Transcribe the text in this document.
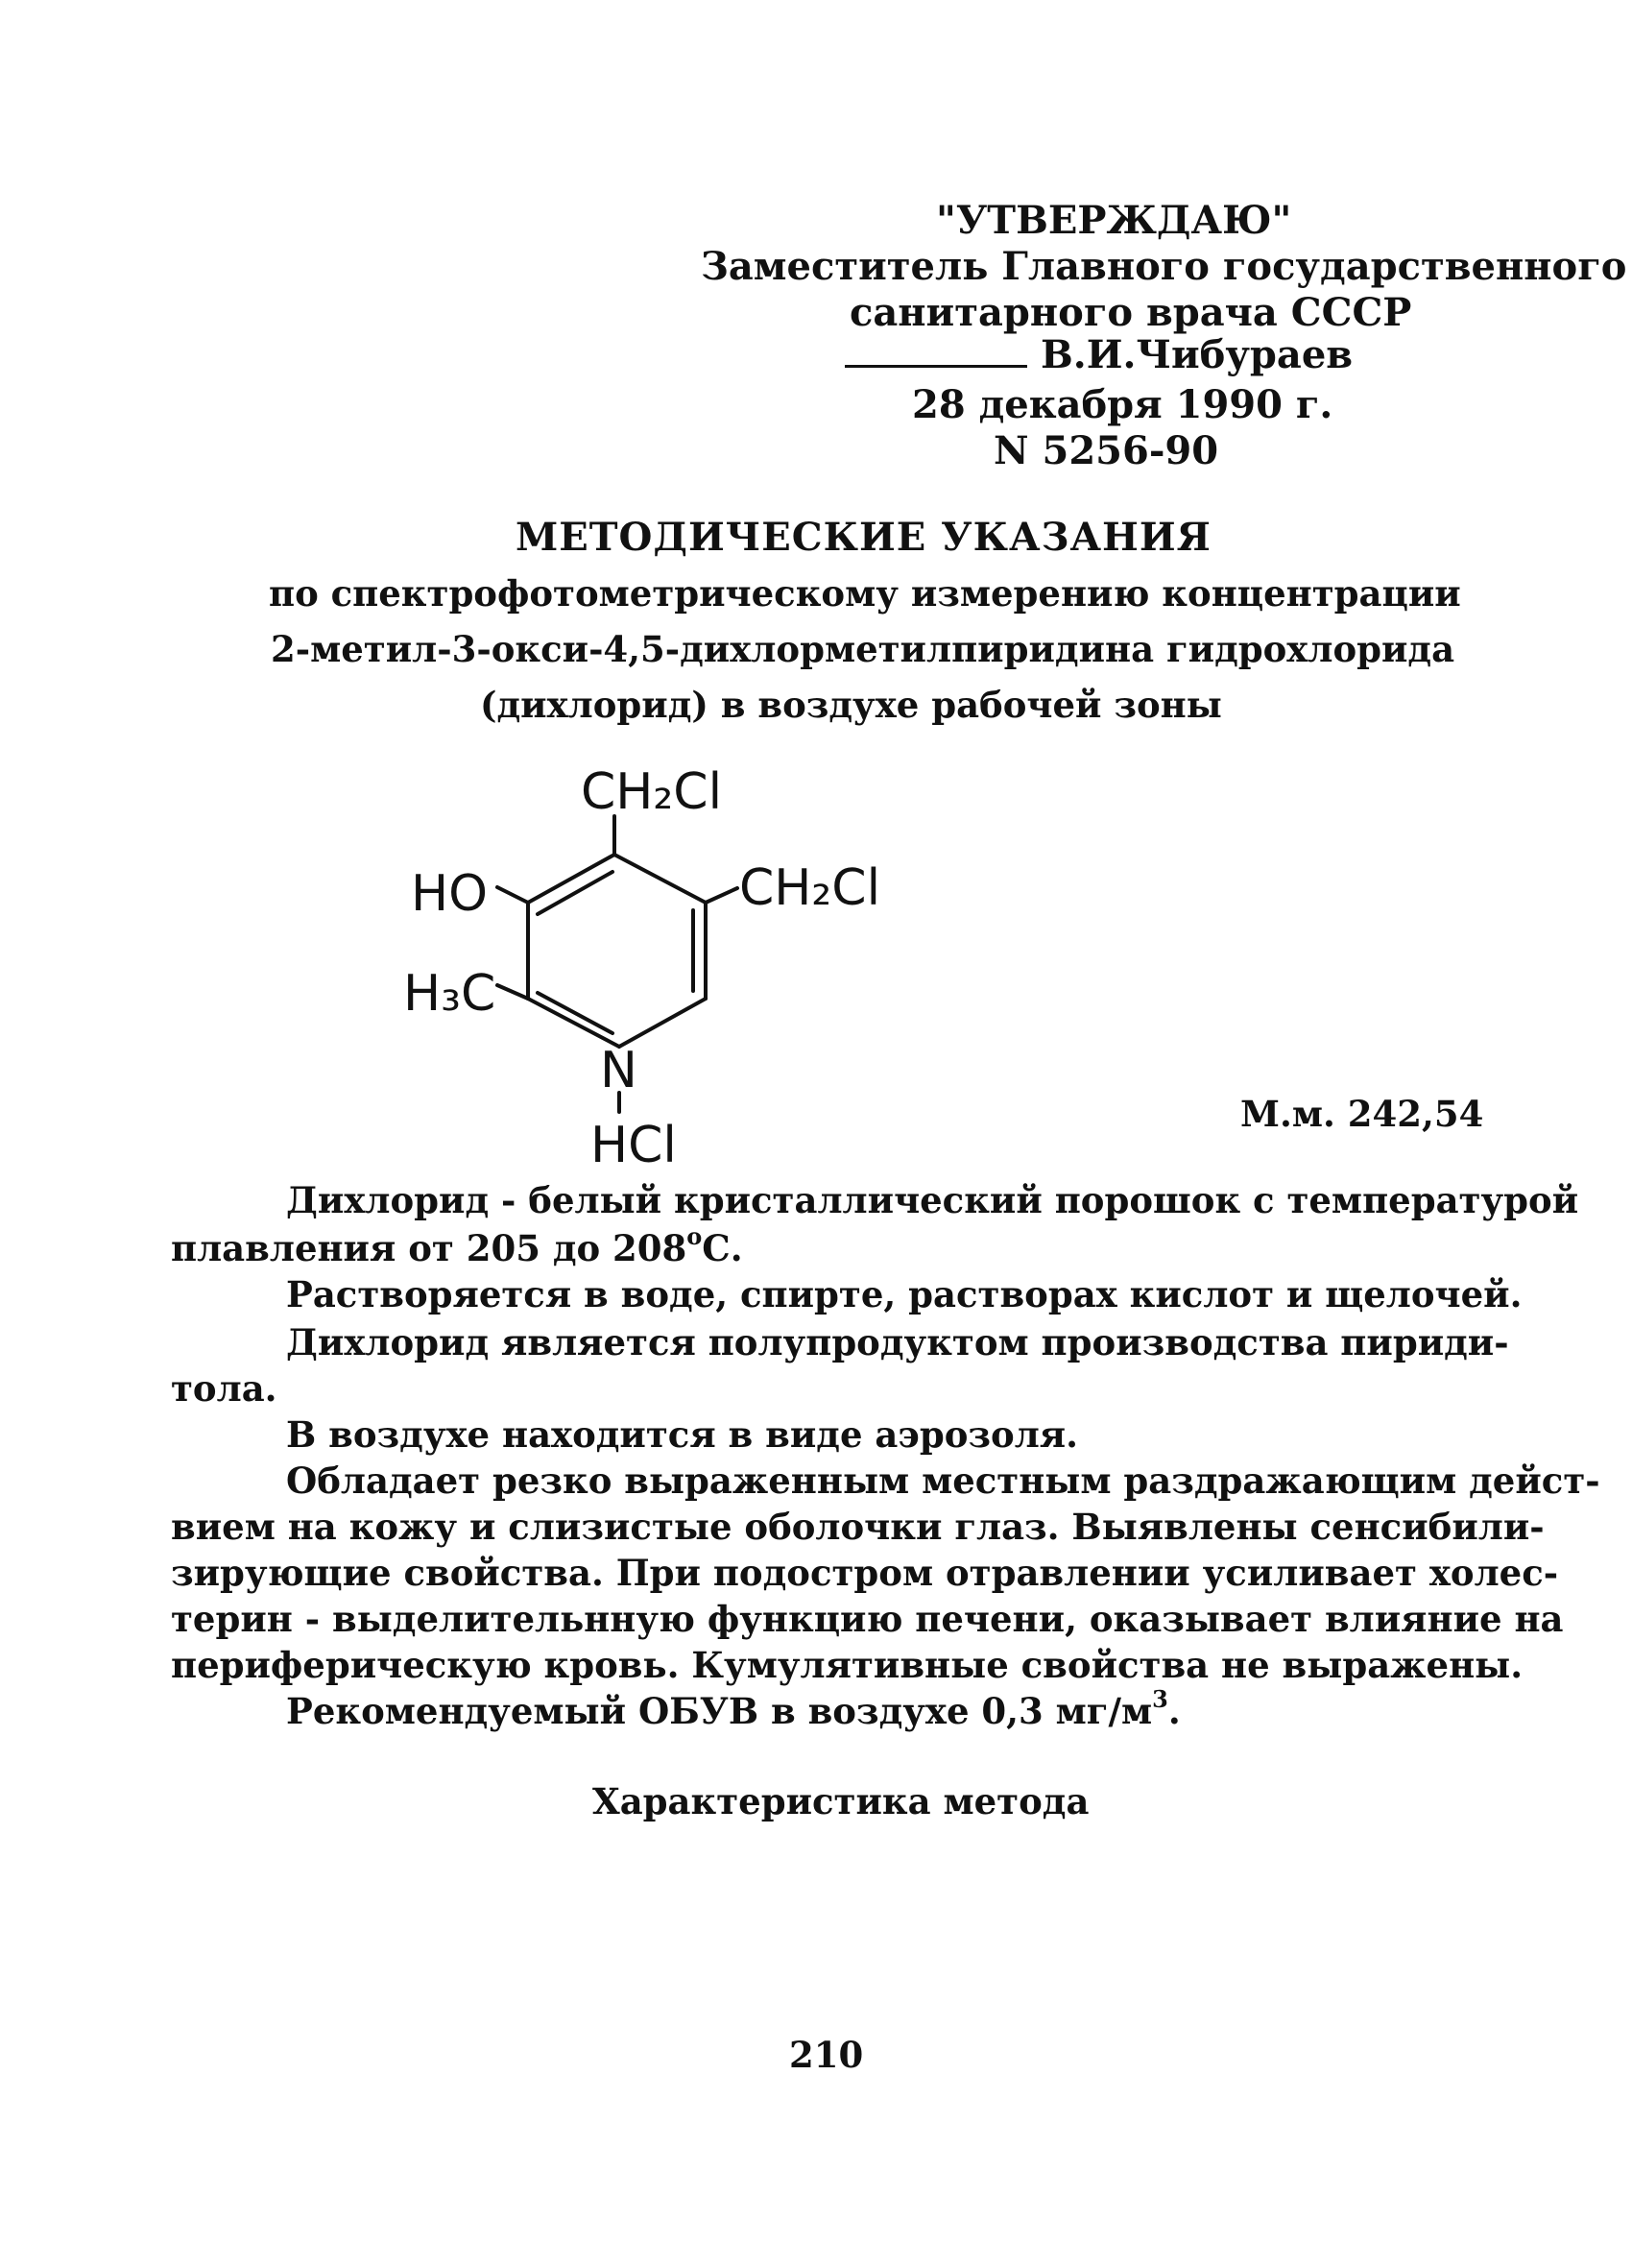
"УТВЕРЖДАЮ"
Заместитель Главного государственного
санитарного врача СССР
В.И.Чибураев
28 декабря 1990 г.
N 5256-90
МЕТОДИЧЕСКИЕ УКАЗАНИЯ
по спектрофотометрическому измерению концентрации
2-метил-3-окси-4,5-дихлорметилпиридина гидрохлорида
(дихлорид) в воздухе рабочей зоны
CH₂Cl
CH₂Cl
HO
H₃C
N
HCl
М.м. 242,54
Дихлорид - белый кристаллический порошок с температурой
плавления от 205 до $208^оС$.
Растворяется в воде, спирте, растворах кислот и щелочей.
Дихлорид является полупродуктом производства пириди-
тола.
В воздухе находится в виде аэрозоля.
Обладает резко выраженным местным раздражающим дейст-
вием на кожу и слизистые оболочки глаз. Выявлены сенсибили-
зирующие свойства. При подостром отравлении усиливает холес-
терин - выделительнную функцию печени, оказывает влияние на
периферическую кровь. Кумулятивные свойства не выражены.
Рекомендуемый ОБУВ в воздухе 0,3 $мг/м^3$.
Характеристика метода
210
